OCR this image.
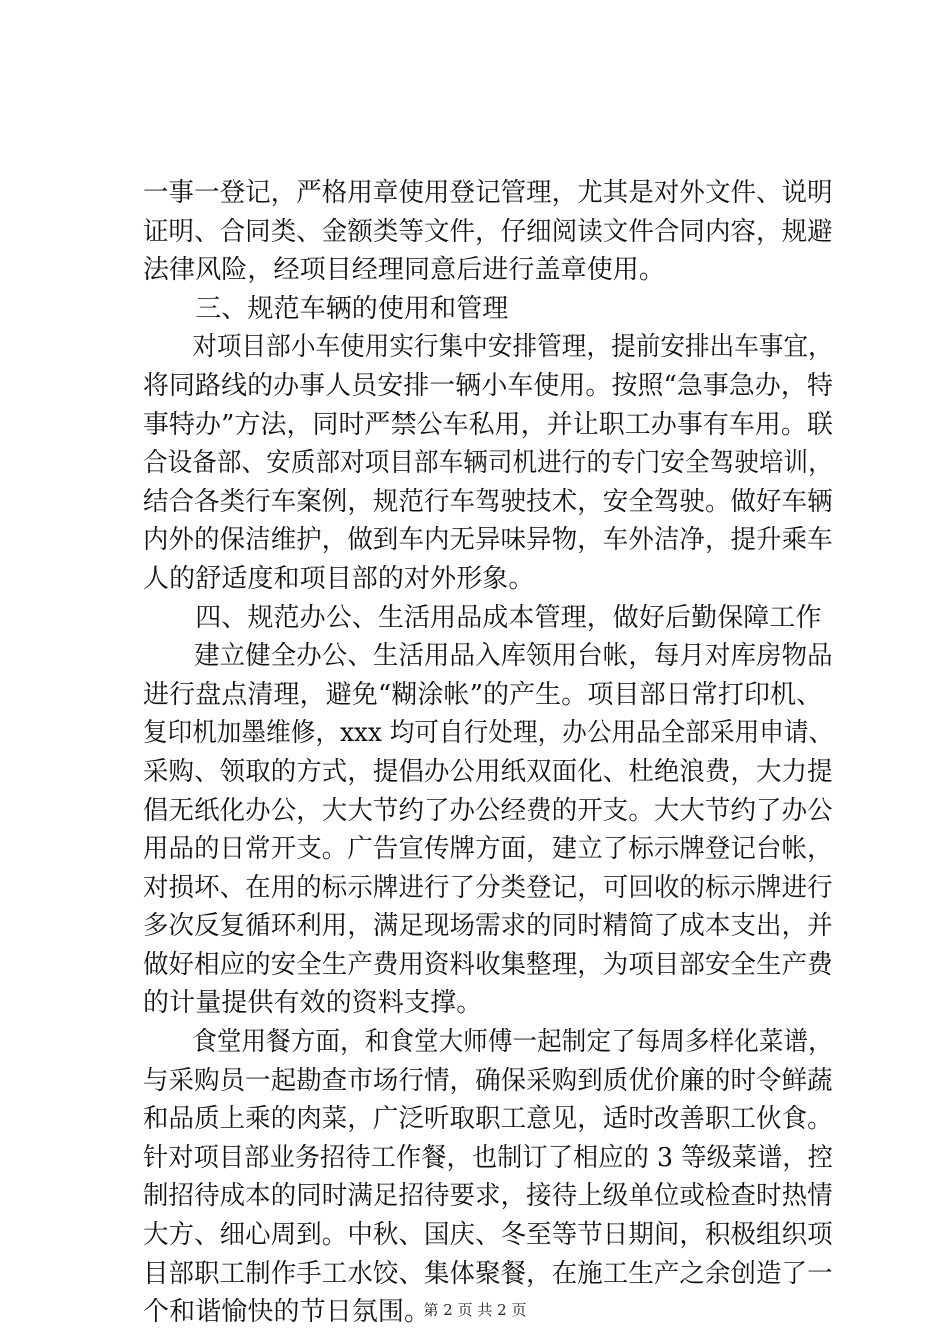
一事一登记，严格用章使用登记管理，尤其是对外文件、说明
证明、合同类、金额类等文件，仔细阅读文件合同内容，规避
法律风险，经项目经理同意后进行盖章使用。
　　三、规范车辆的使用和管理
　　对项目部小车使用实行集中安排管理，提前安排出车事宜，
将同路线的办事人员安排一辆小车使用。按照“急事急办，特
事特办”方法，同时严禁公车私用，并让职工办事有车用。联
合设备部、安质部对项目部车辆司机进行的专门安全驾驶培训，
结合各类行车案例，规范行车驾驶技术，安全驾驶。做好车辆
内外的保洁维护，做到车内无异味异物，车外洁净，提升乘车
人的舒适度和项目部的对外形象。
　　四、规范办公、生活用品成本管理，做好后勤保障工作
　　建立健全办公、生活用品入库领用台帐，每月对库房物品
进行盘点清理，避免“糊涂帐”的产生。项目部日常打印机、
复印机加墨维修，xxx 均可自行处理，办公用品全部采用申请、
采购、领取的方式，提倡办公用纸双面化、杜绝浪费，大力提
倡无纸化办公，大大节约了办公经费的开支。大大节约了办公
用品的日常开支。广告宣传牌方面，建立了标示牌登记台帐，
对损坏、在用的标示牌进行了分类登记，可回收的标示牌进行
多次反复循环利用，满足现场需求的同时精简了成本支出，并
做好相应的安全生产费用资料收集整理，为项目部安全生产费
的计量提供有效的资料支撑。
　　食堂用餐方面，和食堂大师傅一起制定了每周多样化菜谱，
与采购员一起勘查市场行情，确保采购到质优价廉的时令鲜蔬
和品质上乘的肉菜，广泛听取职工意见，适时改善职工伙食。
针对项目部业务招待工作餐，也制订了相应的 3 等级菜谱，控
制招待成本的同时满足招待要求，接待上级单位或检查时热情
大方、细心周到。中秋、国庆、冬至等节日期间，积极组织项
目部职工制作手工水饺、集体聚餐，在施工生产之余创造了一
个和谐愉快的节日氛围。
第 2 页 共 2 页
